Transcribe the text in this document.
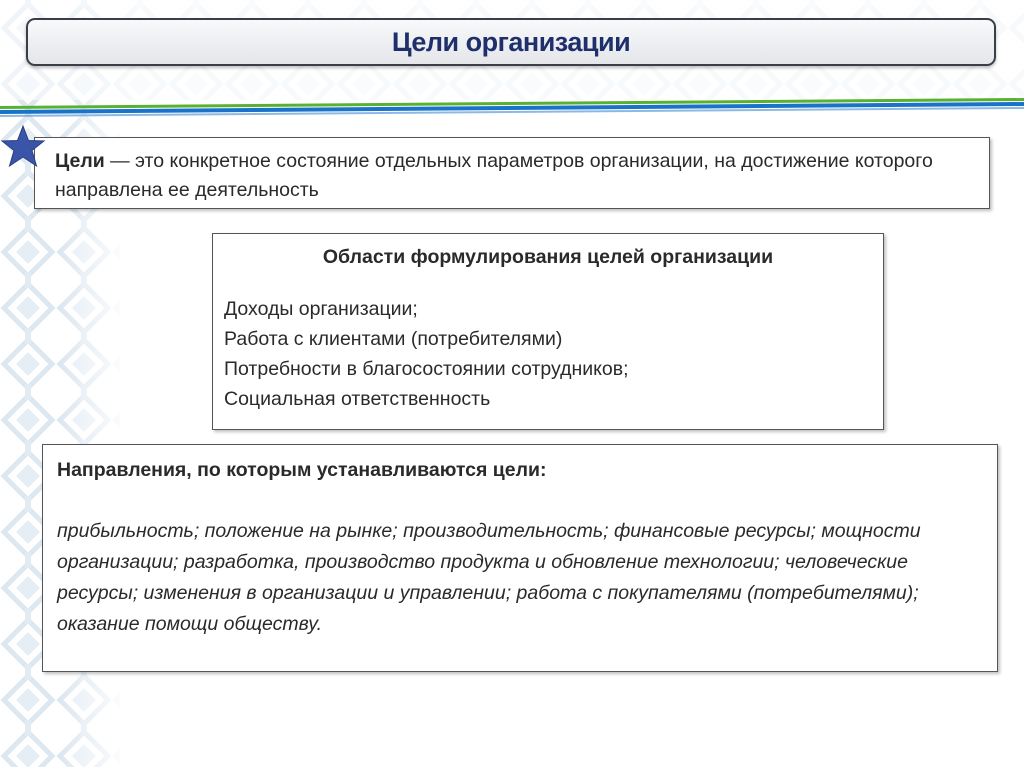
Цели организации
Цели — это конкретное состояние отдельных параметров организации, на достижение которого направлена ее деятельность
Области формулирования целей организации
Доходы организации;
Работа с клиентами (потребителями)
Потребности в благосостоянии сотрудников;
Социальная ответственность
Направления, по которым устанавливаются цели:
прибыльность; положение на рынке; производительность; финансовые ресурсы; мощности организации; разработка, производство продукта и обновление технологии; человеческие ресурсы; изменения в организации и управлении; работа с покупателями (потребителями); оказание помощи обществу.
